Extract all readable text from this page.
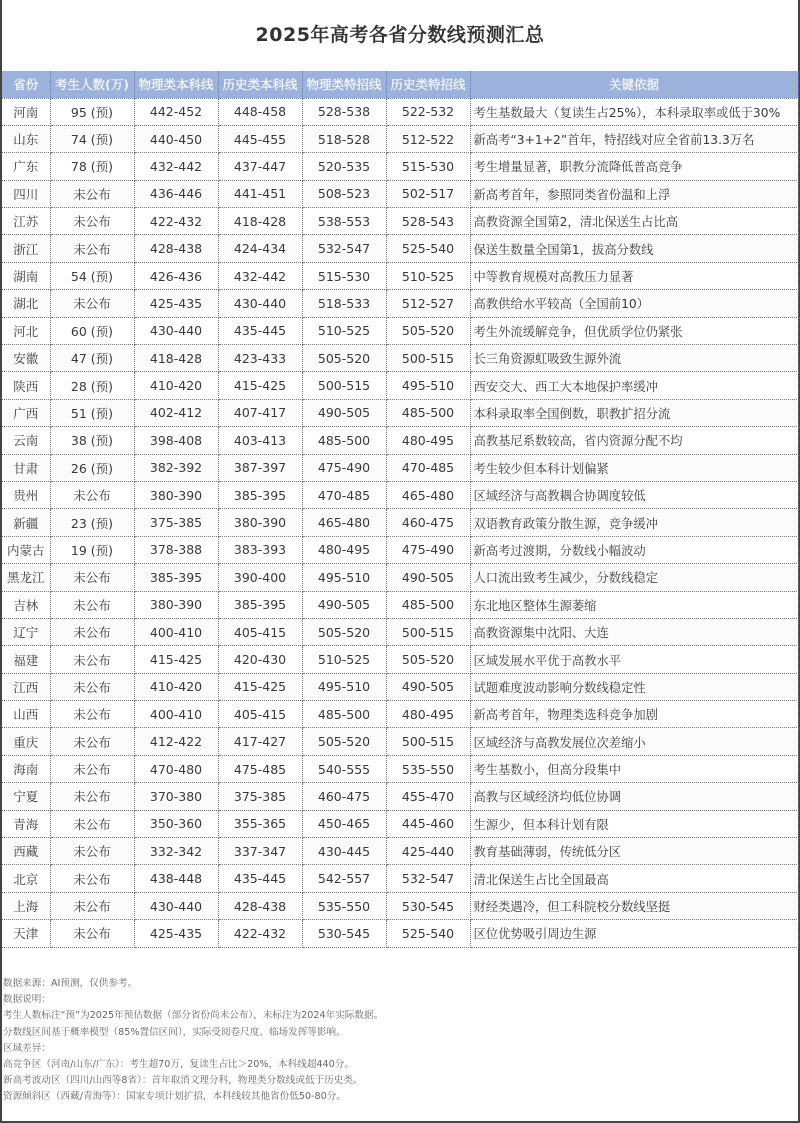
2025年高考各省分数线预测汇总
省份	考生人数(万)	物理类本科线	历史类本科线	物理类特招线	历史类特招线	关键依据
河南	95 (预)	442-452	448-458	528-538	522-532	考生基数最大（复读生占25%），本科录取率或低于30%
山东	74 (预)	440-450	445-455	518-528	512-522	新高考“3+1+2”首年，特招线对应全省前13.3万名
广东	78 (预)	432-442	437-447	520-535	515-530	考生增量显著，职教分流降低普高竞争
四川	未公布	436-446	441-451	508-523	502-517	新高考首年，参照同类省份温和上浮
江苏	未公布	422-432	418-428	538-553	528-543	高教资源全国第2，清北保送生占比高
浙江	未公布	428-438	424-434	532-547	525-540	保送生数量全国第1，拔高分数线
湖南	54 (预)	426-436	432-442	515-530	510-525	中等教育规模对高教压力显著
湖北	未公布	425-435	430-440	518-533	512-527	高教供给水平较高（全国前10）
河北	60 (预)	430-440	435-445	510-525	505-520	考生外流缓解竞争，但优质学位仍紧张
安徽	47 (预)	418-428	423-433	505-520	500-515	长三角资源虹吸致生源外流
陕西	28 (预)	410-420	415-425	500-515	495-510	西安交大、西工大本地保护率缓冲
广西	51 (预)	402-412	407-417	490-505	485-500	本科录取率全国倒数，职教扩招分流
云南	38 (预)	398-408	403-413	485-500	480-495	高教基尼系数较高，省内资源分配不均
甘肃	26 (预)	382-392	387-397	475-490	470-485	考生较少但本科计划偏紧
贵州	未公布	380-390	385-395	470-485	465-480	区域经济与高教耦合协调度较低
新疆	23 (预)	375-385	380-390	465-480	460-475	双语教育政策分散生源，竞争缓冲
内蒙古	19 (预)	378-388	383-393	480-495	475-490	新高考过渡期，分数线小幅波动
黑龙江	未公布	385-395	390-400	495-510	490-505	人口流出致考生减少，分数线稳定
吉林	未公布	380-390	385-395	490-505	485-500	东北地区整体生源萎缩
辽宁	未公布	400-410	405-415	505-520	500-515	高教资源集中沈阳、大连
福建	未公布	415-425	420-430	510-525	505-520	区域发展水平优于高教水平
江西	未公布	410-420	415-425	495-510	490-505	试题难度波动影响分数线稳定性
山西	未公布	400-410	405-415	485-500	480-495	新高考首年，物理类选科竞争加剧
重庆	未公布	412-422	417-427	505-520	500-515	区域经济与高教发展位次差缩小
海南	未公布	470-480	475-485	540-555	535-550	考生基数小，但高分段集中
宁夏	未公布	370-380	375-385	460-475	455-470	高教与区域经济均低位协调
青海	未公布	350-360	355-365	450-465	445-460	生源少，但本科计划有限
西藏	未公布	332-342	337-347	430-445	425-440	教育基础薄弱，传统低分区
北京	未公布	438-448	435-445	542-557	532-547	清北保送生占比全国最高
上海	未公布	430-440	428-438	535-550	530-545	财经类遇冷，但工科院校分数线坚挺
天津	未公布	425-435	422-432	530-545	525-540	区位优势吸引周边生源
数据来源：AI预测，仅供参考。
数据说明：
考生人数标注“预”为2025年预估数据（部分省份尚未公布），未标注为2024年实际数据。
分数线区间基于概率模型（85%置信区间），实际受阅卷尺度、临场发挥等影响。
区域差异：
高竞争区（河南/山东/广东）：考生超70万，复读生占比＞20%，本科线超440分。
新高考波动区（四川/山西等8省）：首年取消文理分科，物理类分数线或低于历史类。
资源倾斜区（西藏/青海等）：国家专项计划扩招，本科线较其他省份低50-80分。
